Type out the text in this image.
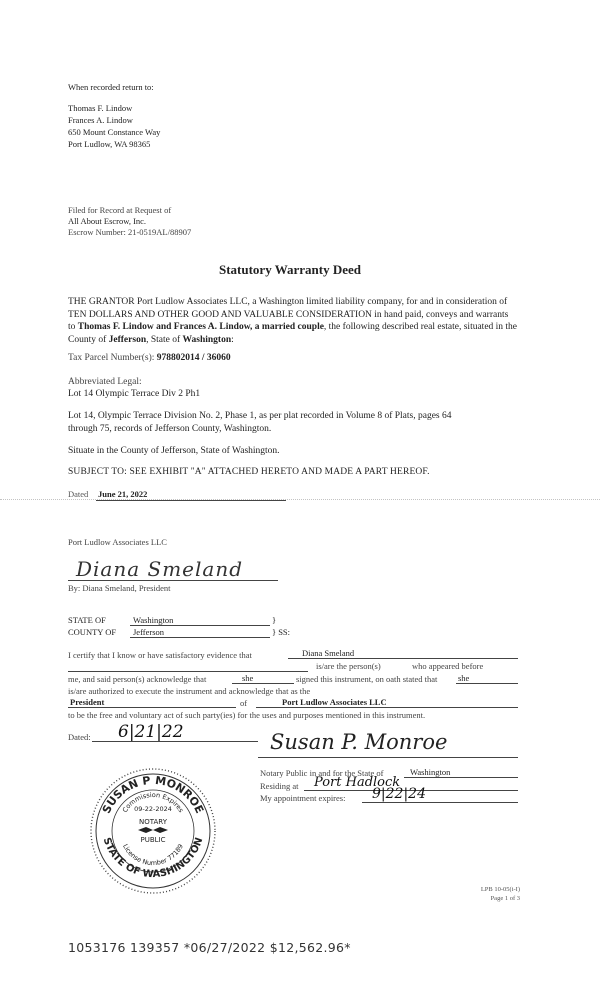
When recorded return to:
Thomas F. Lindow
Frances A. Lindow
650 Mount Constance Way
Port Ludlow, WA 98365
Filed for Record at Request of
All About Escrow, Inc.
Escrow Number: 21-0519AL/88907
Statutory Warranty Deed
THE GRANTOR Port Ludlow Associates LLC, a Washington limited liability company, for and in consideration of TEN DOLLARS AND OTHER GOOD AND VALUABLE CONSIDERATION in hand paid, conveys and warrants to Thomas F. Lindow and Frances A. Lindow, a married couple, the following described real estate, situated in the County of Jefferson, State of Washington:
Tax Parcel Number(s): 978802014 / 36060
Abbreviated Legal:
Lot 14 Olympic Terrace Div 2 Ph1
Lot 14, Olympic Terrace Division No. 2, Phase 1, as per plat recorded in Volume 8 of Plats, pages 64 through 75, records of Jefferson County, Washington.
Situate in the County of Jefferson, State of Washington.
SUBJECT TO: SEE EXHIBIT "A" ATTACHED HERETO AND MADE A PART HEREOF.
Dated June 21, 2022
Port Ludlow Associates LLC
Diana Smeland
By: Diana Smeland, President
STATE OF	Washington	}
COUNTY OF Jefferson	} SS:
I certify that I know or have satisfactory evidence that	Diana Smeland
is/are the person(s)	who appeared before
me, and said person(s) acknowledge that	she	signed this instrument, on oath stated that she
is/are authorized to execute the instrument and acknowledge that as the
President	of	Port Ludlow Associates LLC
to be the free and voluntary act of such party(ies) for the uses and purposes mentioned in this instrument.
Dated: 6|21|22	Susan P. Monroe
Notary Public in and for the State of	Washington
Residing at Port Hadlock
My appointment expires: 9|22|24
SUSAN P MONROE
STATE OF WASHINGTON
Commission Expires
09-22-2024
NOTARY
PUBLIC
License Number 77189
LPB 10-05(i-I)
Page 1 of 3
1053176 139357 *06/27/2022 $12,562.96*
